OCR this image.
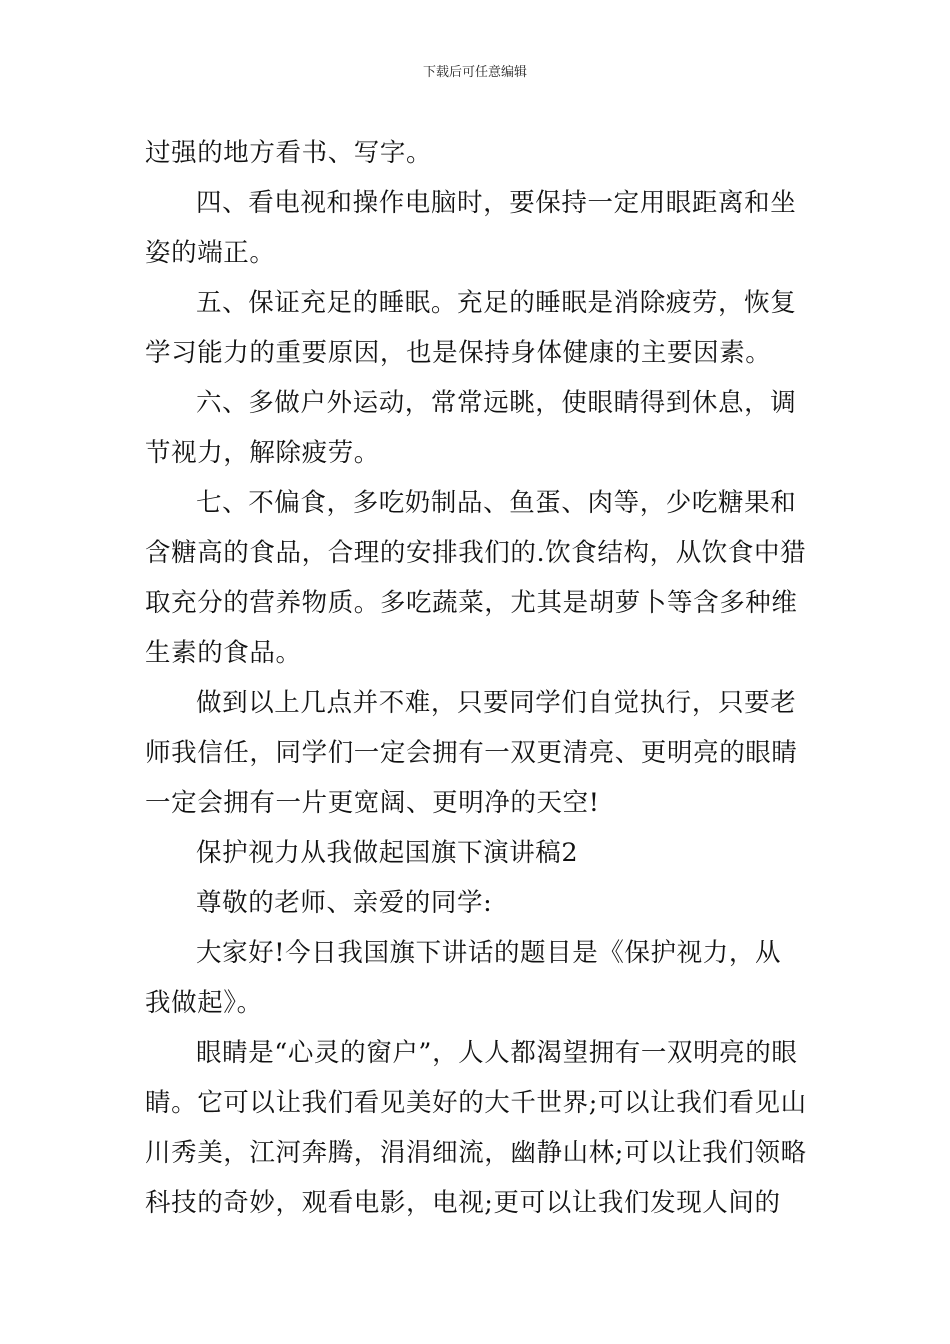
下载后可任意编辑

过强的地方看书、写字。

四、看电视和操作电脑时，要保持一定用眼距离和坐姿的端正。

五、保证充足的睡眠。充足的睡眠是消除疲劳，恢复学习能力的重要原因，也是保持身体健康的主要因素。

六、多做户外运动，常常远眺，使眼睛得到休息，调节视力，解除疲劳。

七、不偏食，多吃奶制品、鱼蛋、肉等，少吃糖果和含糖高的食品，合理的安排我们的.饮食结构，从饮食中猎取充分的营养物质。多吃蔬菜，尤其是胡萝卜等含多种维生素的食品。

做到以上几点并不难，只要同学们自觉执行，只要老师我信任，同学们一定会拥有一双更清亮、更明亮的眼睛一定会拥有一片更宽阔、更明净的天空!

保护视力从我做起国旗下演讲稿2

尊敬的老师、亲爱的同学:

大家好!今日我国旗下讲话的题目是《保护视力，从我做起》。

眼睛是“心灵的窗户”，人人都渴望拥有一双明亮的眼睛。它可以让我们看见美好的大千世界;可以让我们看见山川秀美，江河奔腾，涓涓细流，幽静山林;可以让我们领略科技的奇妙，观看电影，电视;更可以让我们发现人间的
